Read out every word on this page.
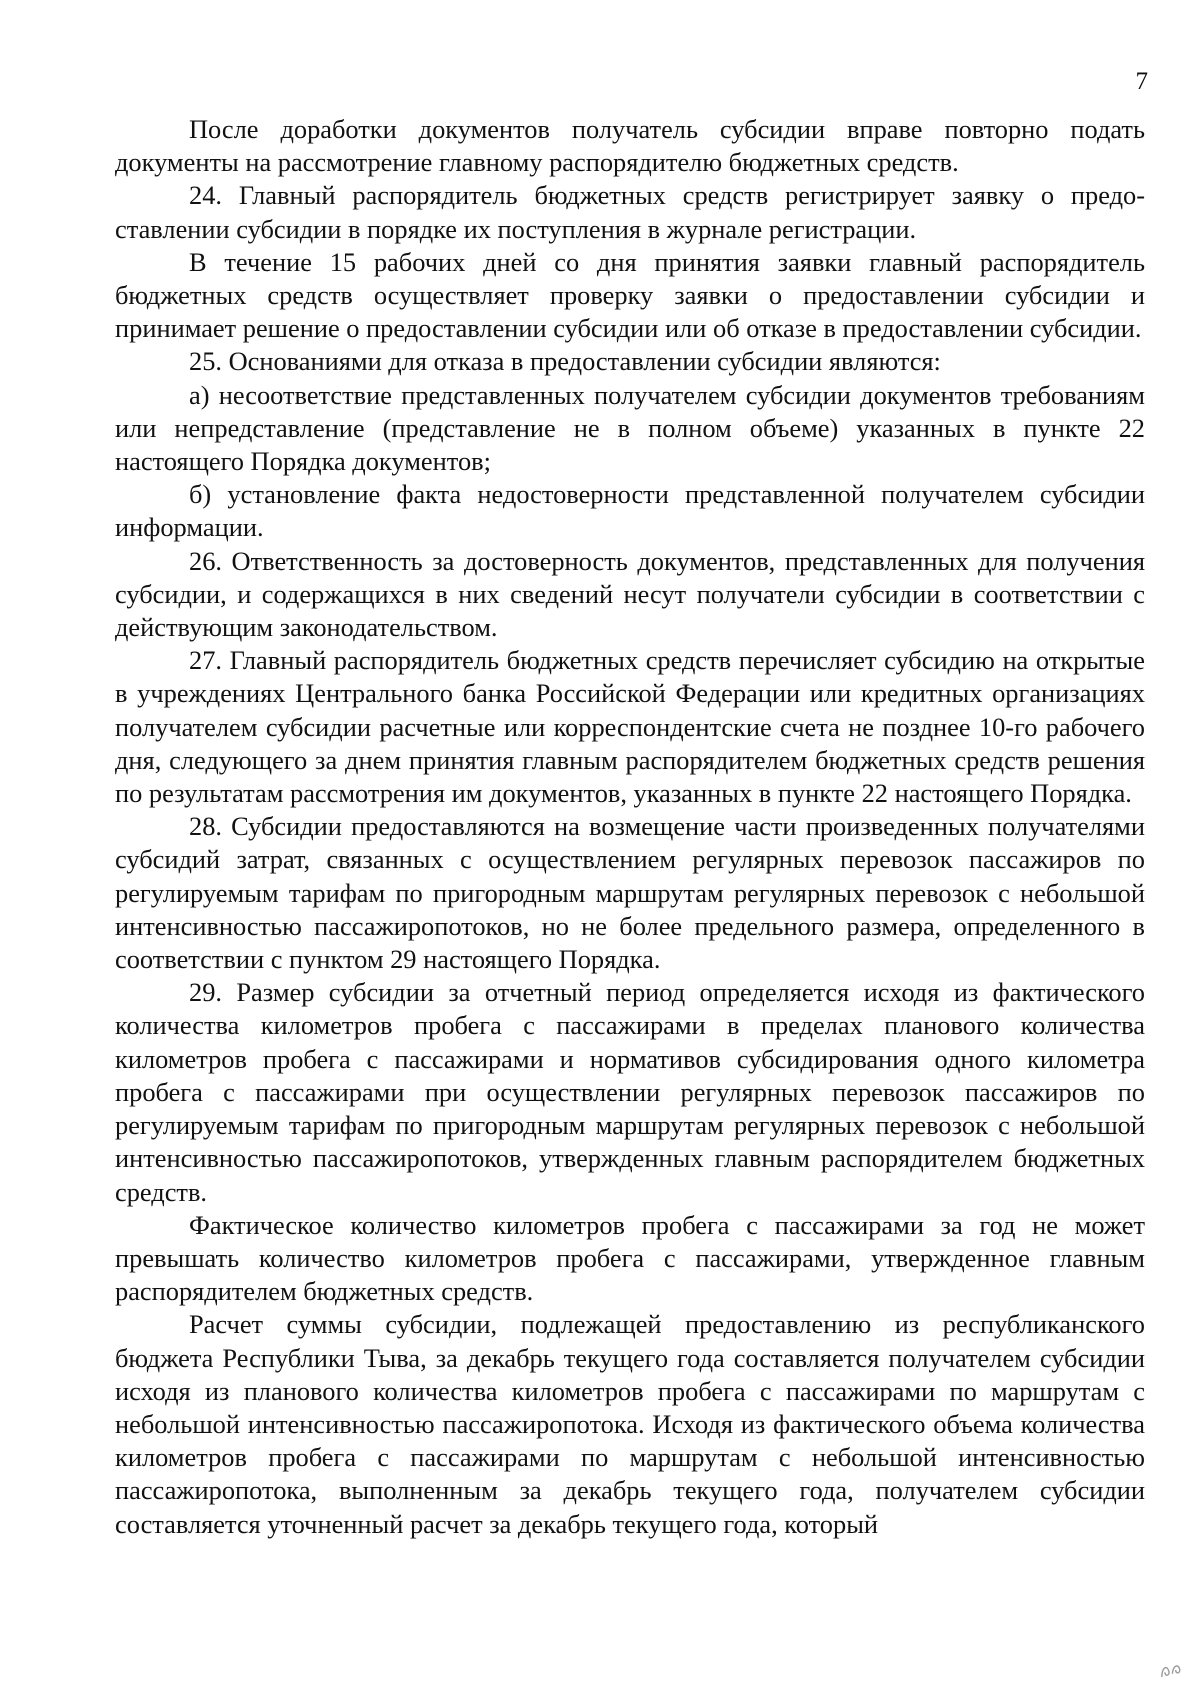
7

После доработки документов получатель субсидии вправе повторно подать документы на рассмотрение главному распорядителю бюджетных средств.

24. Главный распорядитель бюджетных средств регистрирует заявку о предоставлении субсидии в порядке их поступления в журнале регистрации.

В течение 15 рабочих дней со дня принятия заявки главный распорядитель бюджетных средств осуществляет проверку заявки о предоставлении субсидии и принимает решение о предоставлении субсидии или об отказе в предоставлении субсидии.

25. Основаниями для отказа в предоставлении субсидии являются:

а) несоответствие представленных получателем субсидии документов требованиям или непредставление (представление не в полном объеме) указанных в пункте 22 настоящего Порядка документов;

б) установление факта недостоверности представленной получателем субсидии информации.

26. Ответственность за достоверность документов, представленных для получения субсидии, и содержащихся в них сведений несут получатели субсидии в соответствии с действующим законодательством.

27. Главный распорядитель бюджетных средств перечисляет субсидию на открытые в учреждениях Центрального банка Российской Федерации или кредитных организациях получателем субсидии расчетные или корреспондентские счета не позднее 10-го рабочего дня, следующего за днем принятия главным распорядителем бюджетных средств решения по результатам рассмотрения им документов, указанных в пункте 22 настоящего Порядка.

28. Субсидии предоставляются на возмещение части произведенных получателями субсидий затрат, связанных с осуществлением регулярных перевозок пассажиров по регулируемым тарифам по пригородным маршрутам регулярных перевозок с небольшой интенсивностью пассажиропотоков, но не более предельного размера, определенного в соответствии с пунктом 29 настоящего Порядка.

29. Размер субсидии за отчетный период определяется исходя из фактического количества километров пробега с пассажирами в пределах планового количества километров пробега с пассажирами и нормативов субсидирования одного километра пробега с пассажирами при осуществлении регулярных перевозок пассажиров по регулируемым тарифам по пригородным маршрутам регулярных перевозок с небольшой интенсивностью пассажиропотоков, утвержденных главным распорядителем бюджетных средств.

Фактическое количество километров пробега с пассажирами за год не может превышать количество километров пробега с пассажирами, утвержденное главным распорядителем бюджетных средств.

Расчет суммы субсидии, подлежащей предоставлению из республиканского бюджета Республики Тыва, за декабрь текущего года составляется получателем субсидии исходя из планового количества километров пробега с пассажирами по маршрутам с небольшой интенсивностью пассажиропотока. Исходя из фактического объема количества километров пробега с пассажирами по маршрутам с небольшой интенсивностью пассажиропотока, выполненным за декабрь текущего года, получателем субсидии составляется уточненный расчет за декабрь текущего года, который
